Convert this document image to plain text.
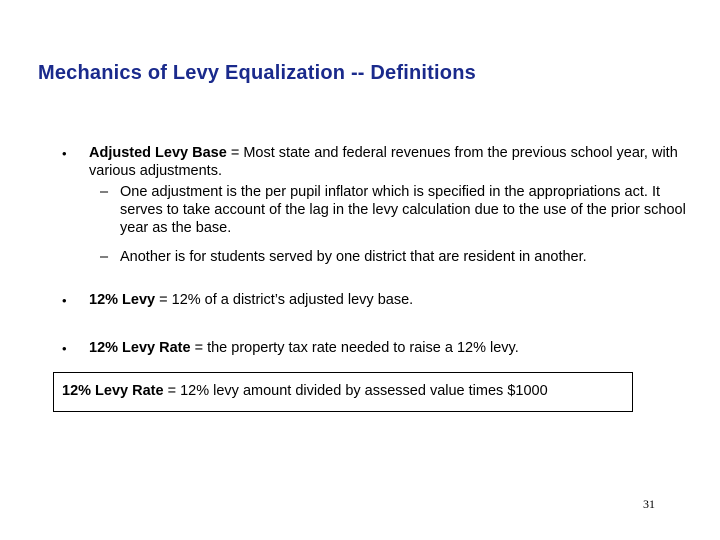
Mechanics of Levy Equalization -- Definitions
• Adjusted Levy Base = Most state and federal revenues from the previous school year, with various adjustments.
– One adjustment is the per pupil inflator which is specified in the appropriations act. It serves to take account of the lag in the levy calculation due to the use of the prior school year as the base.
– Another is for students served by one district that are resident in another.
• 12% Levy = 12% of a district’s adjusted levy base.
• 12% Levy Rate = the property tax rate needed to raise a 12% levy.
12% Levy Rate = 12% levy amount divided by assessed value times $1000
31
